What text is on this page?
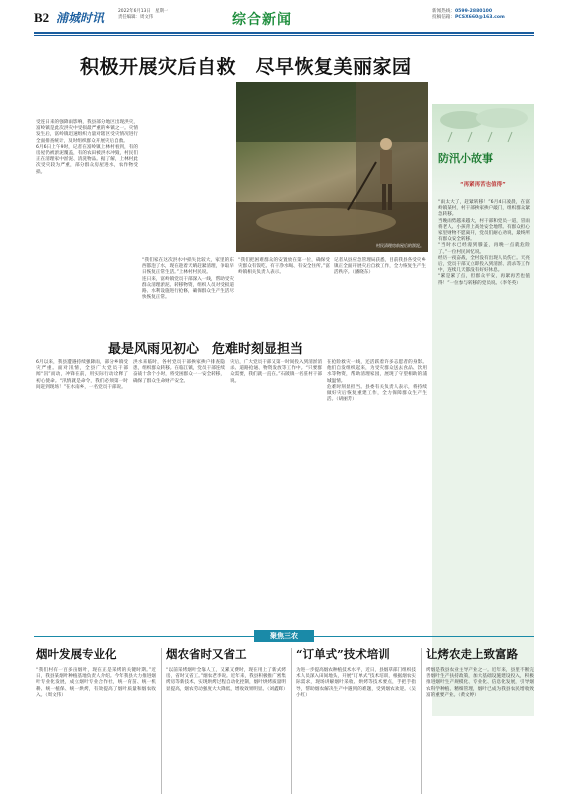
B2 浦城时讯	2022年6月13日　星期一
责任编辑：周文伟	综合新闻
新闻热线：0599-2880100
投稿信箱：PCSX660@163.com
积极开展灾后自救　尽早恢复美丽家园

受连日来的强降雨影响，我县部分地区出现洪灾，富岭镇是此次洪灾中受损最严重的乡镇之一。灾情发生后，富岭镇迅速组织力量对辖区受灾情况进行全面排查统计，及时组织群众开展灾后自救。

6月6日上午9时，记者在富岭镇上林村看到，有的房屋仍被淤泥覆盖，有的农田被洪水冲毁，村民们正在清理家中淤泥、清洗物品。据了解，上林村此次受灾较为严重，部分群众房屋进水，农作物受损。

村民清理房前屋后的淤泥。

“我们家在这次洪水中损失比较大，家里的东西都泡了水，现在趁着天晴赶紧清理，争取早日恢复正常生活。”上林村村民说。

连日来，富岭镇党员干部深入一线，帮助受灾群众清理淤泥、转移物资，组织人员对受损道路、水利设施进行抢修，确保群众生产生活尽快恢复正常。

“我们把困难群众的安置放在第一位，确保受灾群众有饭吃、有干净水喝、有安全住所。”富岭镇相关负责人表示。

记者从县应急管理局获悉，目前我县各受灾乡镇正全面开展灾后自救工作，全力恢复生产生活秩序。（潘晓东）

防汛小故事
“再紧再苦也值得”

“雨太大了，赶紧转移！”6月4日凌晨，在富岭镇某村，村干部挨家挨户敲门，组织群众紧急转移。

当晚雨势越来越大，村干部和党员一道，冒雨将老人、小孩背上高处安全地带。有群众担心家里财物不愿离开，党员们耐心劝说，最终所有群众安全转移。

“当时水已经漫到膝盖，再晚一点就危险了。”一位村民回忆说。

经历一夜奋战，全村没有出现人员伤亡。天亮后，党员干部又立即投入到清淤、消杀等工作中，连续几天都没有好好休息。

“累是累了点，但群众平安，再紧再苦也值得！”一位参与转移的党员说。（李冬英）

最是风雨见初心　危难时刻显担当
6月以来，我县遭遇持续强降雨，部分乡镇受灾严重。面对汛情，全县广大党员干部闻“汛”而动，冲锋在前，用实际行动诠释了初心使命。“汛情就是命令，我们必须第一时间赶到现场！”在水南乡，一名党员干部说。
洪水来临时，各村党员干部挨家挨户排查隐患，组织群众转移。在临江镇，党员干部连续奋战十余个小时，将受困群众一一安全转移，确保了群众生命财产安全。
灾后，广大党员干部又第一时间投入到清淤消杀、道路抢通、物资发放等工作中。“只要群众需要，我们就一直在。”石陂镇一名驻村干部说。

在抢险救灾一线，还活跃着许多志愿者的身影。他们自发组织起来，为受灾群众送去食品、饮用水等物资，帮助清理家园，展现了守望相助的浦城温情。

危难时刻显担当。县委有关负责人表示，将持续做好灾后恢复重建工作，全力保障群众生产生活。（胡丽芳）

聚焦三农
烟叶发展专业化
“我们村有一百多亩烟叶，现在正是采烤的关键时期。”近日，我县某烟叶种植基地负责人介绍。今年我县大力推进烟叶专业化发展，成立烟叶专业合作社，统一育苗、统一机耕、统一植保、统一烘烤，有效提高了烟叶质量和烟农收入。（周文伟）
烟农省时又省工
“以前采烤烟叶全靠人工，又累又费时，现在用上了新式烤房，省时又省工。”烟农老李说。近年来，我县积极推广密集烤房等新技术，实现烘烤过程自动化控制，烟叶烘烤质量明显提高，烟农劳动强度大大降低，增收效果明显。（刘鑫辉）
“订单式”技术培训
为进一步提高烟农种植技术水平，近日，县烟草部门组织技术人员深入田间地头，开展“订单式”技术培训，根据烟农实际需求，现场讲解烟叶采收、烘烤等技术要点，手把手指导，帮助烟农解决生产中遇到的难题，受到烟农欢迎。（吴小红）
让烤农走上致富路
烤烟是我县农业主导产业之一。近年来，县里不断完善烟叶生产扶持政策，加大基础设施建设投入，积极推进烟叶生产规模化、专业化、信息化发展，引导烟农科学种植、精细管理，烟叶已成为我县农民增收致富的重要产业。（黄文婷）
